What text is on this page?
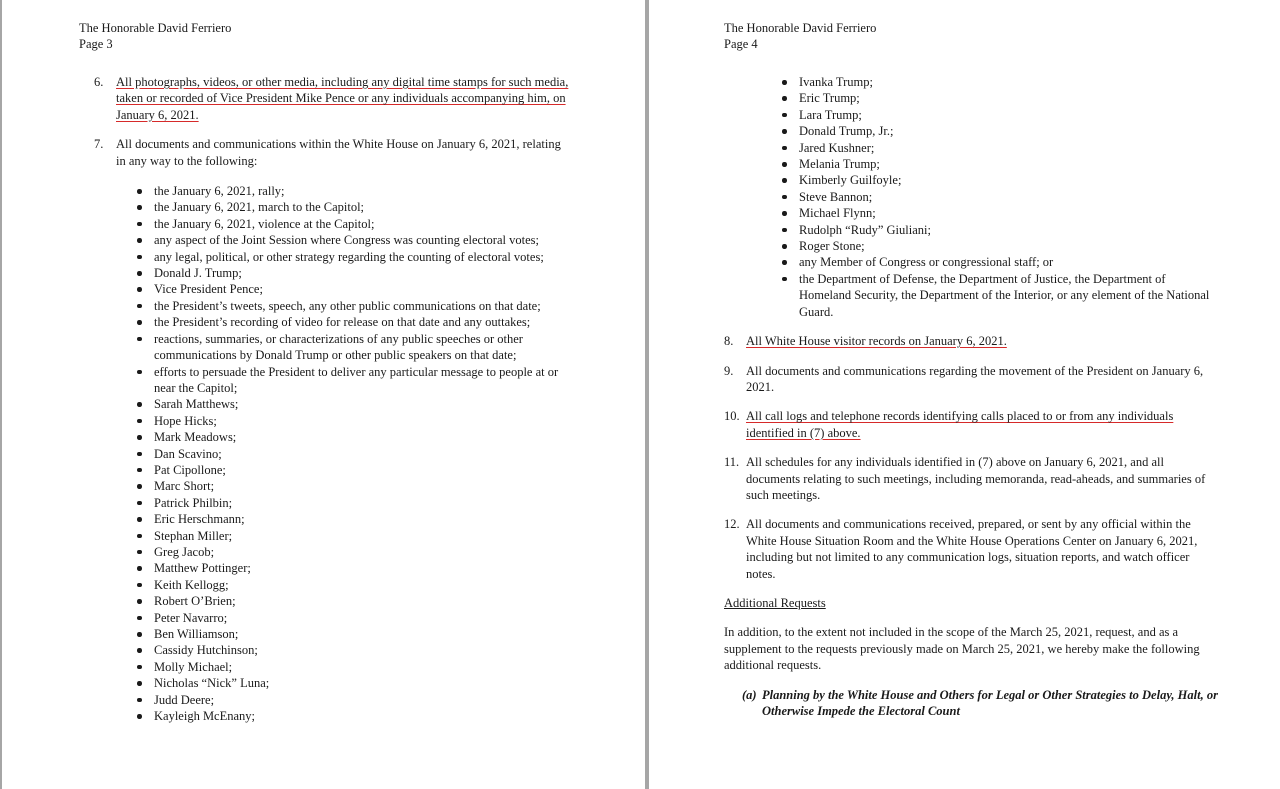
The Honorable David Ferriero
Page 3
6. All photographs, videos, or other media, including any digital time stamps for such media, taken or recorded of Vice President Mike Pence or any individuals accompanying him, on January 6, 2021.
7. All documents and communications within the White House on January 6, 2021, relating in any way to the following:
the January 6, 2021, rally;
the January 6, 2021, march to the Capitol;
the January 6, 2021, violence at the Capitol;
any aspect of the Joint Session where Congress was counting electoral votes;
any legal, political, or other strategy regarding the counting of electoral votes;
Donald J. Trump;
Vice President Pence;
the President’s tweets, speech, any other public communications on that date;
the President’s recording of video for release on that date and any outtakes;
reactions, summaries, or characterizations of any public speeches or other communications by Donald Trump or other public speakers on that date;
efforts to persuade the President to deliver any particular message to people at or near the Capitol;
Sarah Matthews;
Hope Hicks;
Mark Meadows;
Dan Scavino;
Pat Cipollone;
Marc Short;
Patrick Philbin;
Eric Herschmann;
Stephan Miller;
Greg Jacob;
Matthew Pottinger;
Keith Kellogg;
Robert O’Brien;
Peter Navarro;
Ben Williamson;
Cassidy Hutchinson;
Molly Michael;
Nicholas “Nick” Luna;
Judd Deere;
Kayleigh McEnany;
The Honorable David Ferriero
Page 4
Ivanka Trump;
Eric Trump;
Lara Trump;
Donald Trump, Jr.;
Jared Kushner;
Melania Trump;
Kimberly Guilfoyle;
Steve Bannon;
Michael Flynn;
Rudolph “Rudy” Giuliani;
Roger Stone;
any Member of Congress or congressional staff; or
the Department of Defense, the Department of Justice, the Department of Homeland Security, the Department of the Interior, or any element of the National Guard.
8. All White House visitor records on January 6, 2021.
9. All documents and communications regarding the movement of the President on January 6, 2021.
10. All call logs and telephone records identifying calls placed to or from any individuals identified in (7) above.
11. All schedules for any individuals identified in (7) above on January 6, 2021, and all documents relating to such meetings, including memoranda, read-aheads, and summaries of such meetings.
12. All documents and communications received, prepared, or sent by any official within the White House Situation Room and the White House Operations Center on January 6, 2021, including but not limited to any communication logs, situation reports, and watch officer notes.
Additional Requests

In addition, to the extent not included in the scope of the March 25, 2021, request, and as a supplement to the requests previously made on March 25, 2021, we hereby make the following additional requests.

(a) Planning by the White House and Others for Legal or Other Strategies to Delay, Halt, or Otherwise Impede the Electoral Count
